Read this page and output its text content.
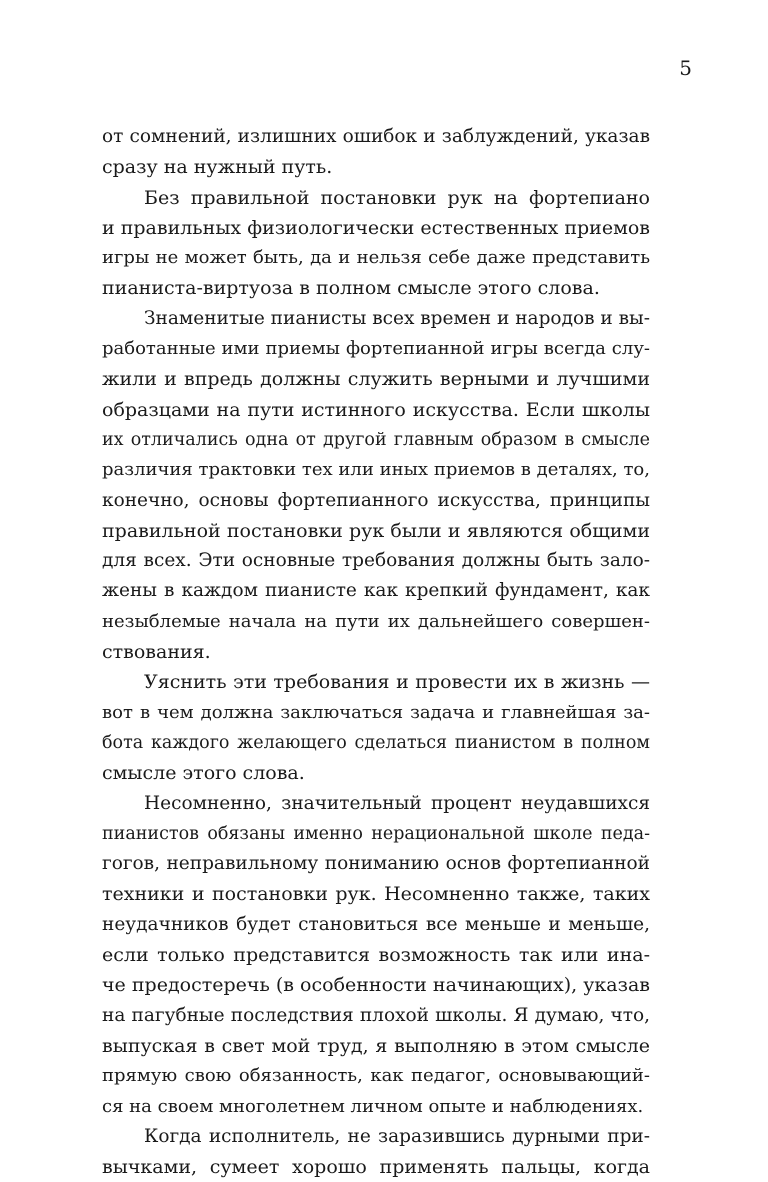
5
от сомнений, излишних ошибок и заблуждений, указав
сразу на нужный путь.
Без правильной постановки рук на фортепиано
и правильных физиологически естественных приемов
игры не может быть, да и нельзя себе даже представить
пианиста-виртуоза в полном смысле этого слова.
Знаменитые пианисты всех времен и народов и вы-
работанные ими приемы фортепианной игры всегда слу-
жили и впредь должны служить верными и лучшими
образцами на пути истинного искусства. Если школы
их отличались одна от другой главным образом в смысле
различия трактовки тех или иных приемов в деталях, то,
конечно, основы фортепианного искусства, принципы
правильной постановки рук были и являются общими
для всех. Эти основные требования должны быть зало-
жены в каждом пианисте как крепкий фундамент, как
незыблемые начала на пути их дальнейшего совершен-
ствования.
Уяснить эти требования и провести их в жизнь —
вот в чем должна заключаться задача и главнейшая за-
бота каждого желающего сделаться пианистом в полном
смысле этого слова.
Несомненно, значительный процент неудавшихся
пианистов обязаны именно нерациональной школе педа-
гогов, неправильному пониманию основ фортепианной
техники и постановки рук. Несомненно также, таких
неудачников будет становиться все меньше и меньше,
если только представится возможность так или ина-
че предостеречь (в особенности начинающих), указав
на пагубные последствия плохой школы. Я думаю, что,
выпуская в свет мой труд, я выполняю в этом смысле
прямую свою обязанность, как педагог, основывающий-
ся на своем многолетнем личном опыте и наблюдениях.
Когда исполнитель, не заразившись дурными при-
вычками, сумеет хорошо применять пальцы, когда
